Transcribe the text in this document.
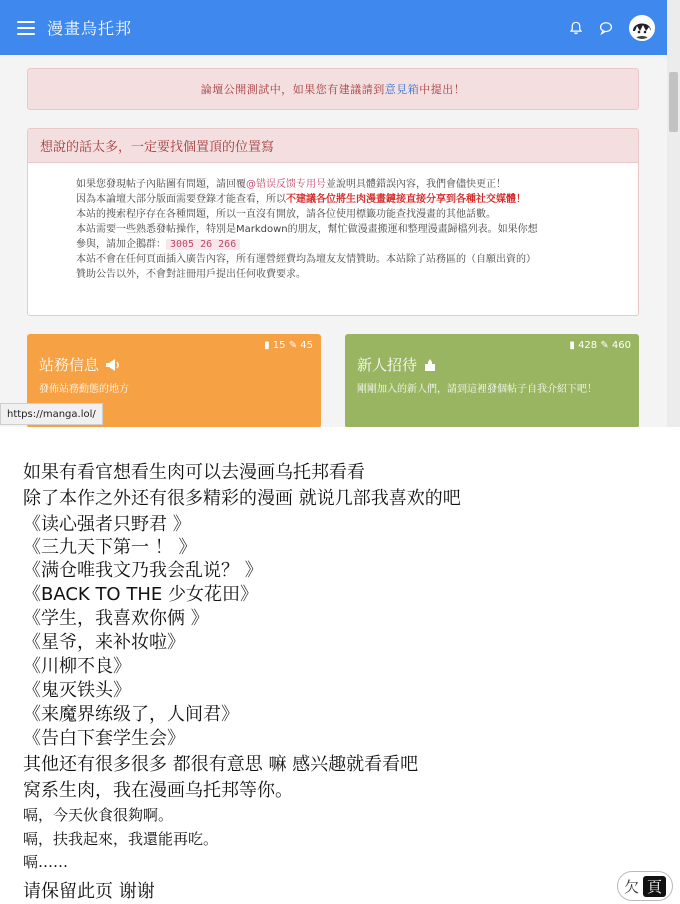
漫畫烏托邦
論壇公開測試中，如果您有建議請到 意見箱 中提出！
想說的話太多，一定要找個置頂的位置寫

如果您發現帖子內貼圖有問題，請回覆@错误反馈专用号並說明具體錯誤內容，我們會儘快更正！

因為本論壇大部分版面需要登錄才能查看，所以不建議各位將生肉漫畫鏈接直接分享到各種社交媒體！

本站的搜索程序存在各種問題，所以一直沒有開放，請各位使用標籤功能查找漫畫的其他話數。

本站需要一些熟悉發帖操作，特別是Markdown的朋友，幫忙做漫畫搬運和整理漫畫歸檔列表。如果你想

參與，請加企鵝群： 3005 26 266

本站不會在任何頁面插入廣告內容，所有運營經費均為壇友友情贊助。本站除了站務區的（自願出資的）

贊助公告以外，不會對註冊用戶提出任何收費要求。

▮ 15 ✎ 45
站務信息
發佈站務動態的地方
▮ 428 ✎ 460
新人招待
剛剛加入的新人們，請到這裡發個帖子自我介紹下吧！
https://manga.lol/
如果有看官想看生肉可以去漫画乌托邦看看
除了本作之外还有很多精彩的漫画 就说几部我喜欢的吧
《读心强者只野君 》
《三九天下第一 ！ 》
《满仓唯我文乃我会乱说？ 》
《BACK TO THE 少女花田》
《学生，我喜欢你俩 》
《星爷，来补妆啦》
《川柳不良》
《鬼灭铁头》
《来魔界练级了，人间君》
《告白下套学生会》
其他还有很多很多 都很有意思 嘛 感兴趣就看看吧
窝系生肉，我在漫画乌托邦等你。
嗝，今天伙食很夠啊。
嗝，扶我起來，我還能再吃。
嗝……
请保留此页 谢谢	欠 頁
